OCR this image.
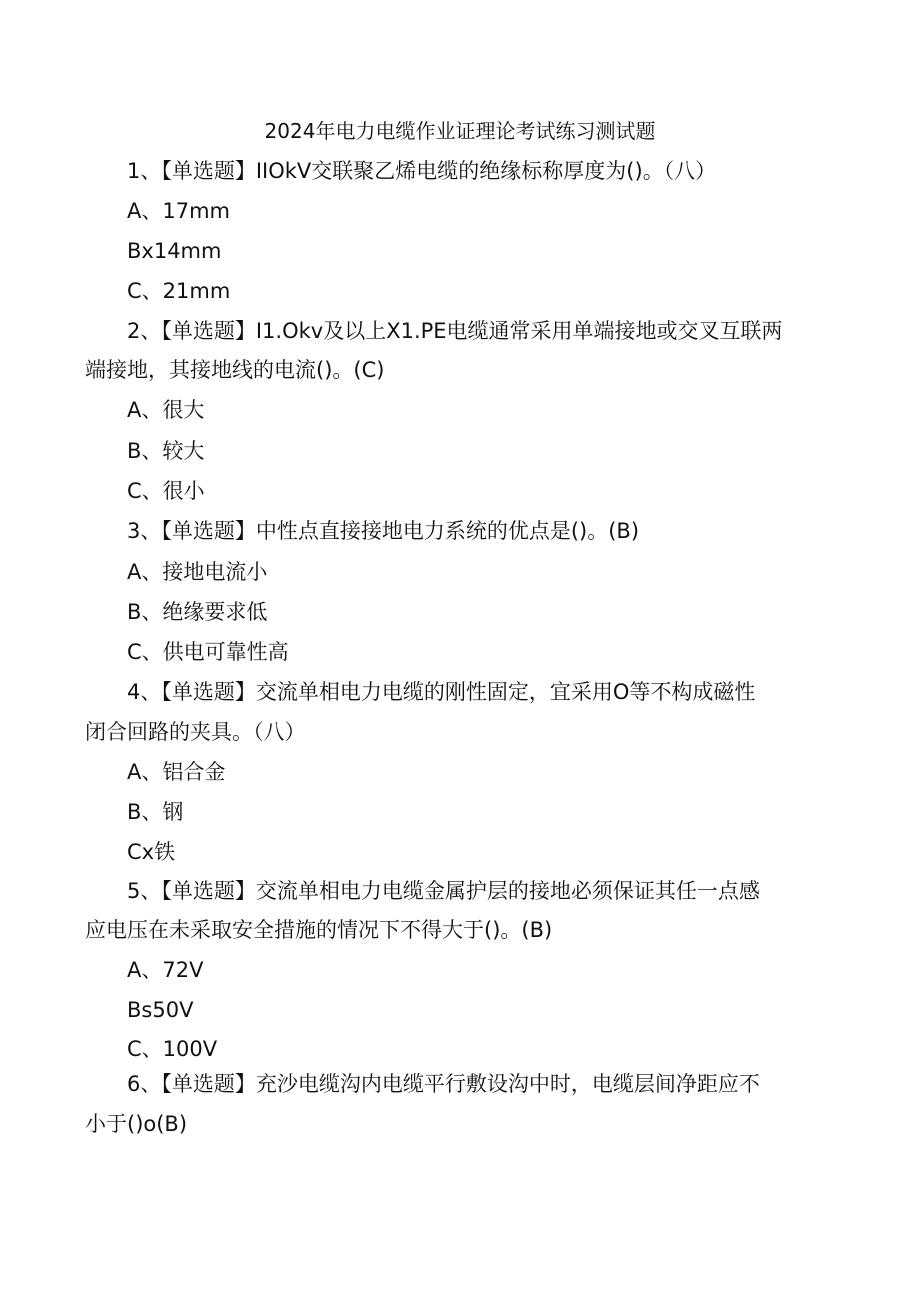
2024年电力电缆作业证理论考试练习测试题
1、【单选题】IIOkV交联聚乙烯电缆的绝缘标称厚度为()。（八）
A、17mm
Bx14mm
C、21mm
2、【单选题】I1.Okv及以上X1.PE电缆通常采用单端接地或交叉互联两
端接地，其接地线的电流()。(C)
A、很大
B、较大
C、很小
3、【单选题】中性点直接接地电力系统的优点是()。(B)
A、接地电流小
B、绝缘要求低
C、供电可靠性高
4、【单选题】交流单相电力电缆的刚性固定，宜采用O等不构成磁性
闭合回路的夹具。（八）
A、铝合金
B、钢
Cx铁
5、【单选题】交流单相电力电缆金属护层的接地必须保证其任一点感
应电压在未采取安全措施的情况下不得大于()。(B)
A、72V
Bs50V
C、100V
6、【单选题】充沙电缆沟内电缆平行敷设沟中时，电缆层间净距应不
小于()o(B)
